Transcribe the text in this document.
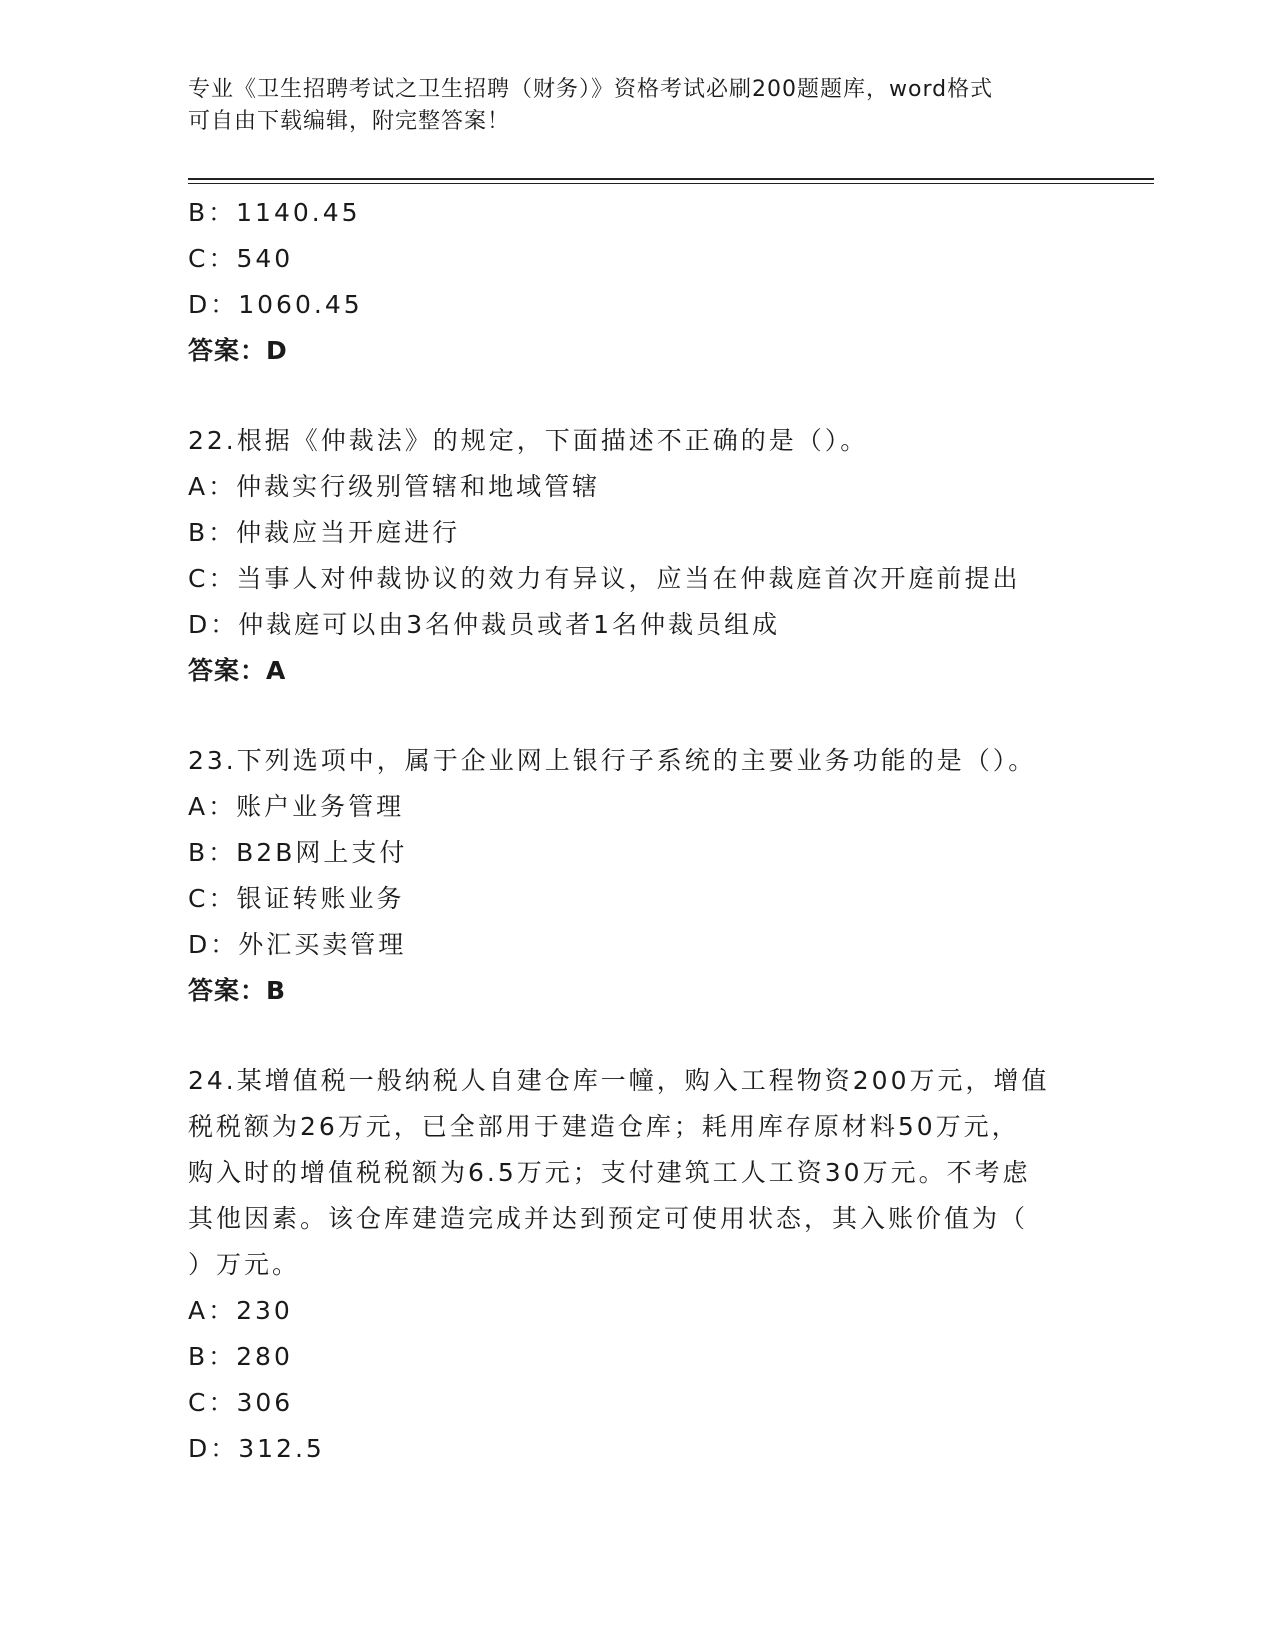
专业《卫生招聘考试之卫生招聘（财务）》资格考试必刷200题题库，word格式
可自由下载编辑，附完整答案！
B：1140.45
C：540
D：1060.45
答案：D
22.根据《仲裁法》的规定，下面描述不正确的是（）。
A：仲裁实行级别管辖和地域管辖
B：仲裁应当开庭进行
C：当事人对仲裁协议的效力有异议，应当在仲裁庭首次开庭前提出
D：仲裁庭可以由3名仲裁员或者1名仲裁员组成
答案：A
23.下列选项中，属于企业网上银行子系统的主要业务功能的是（）。
A：账户业务管理
B：B2B网上支付
C：银证转账业务
D：外汇买卖管理
答案：B
24.某增值税一般纳税人自建仓库一幢，购入工程物资200万元，增值
税税额为26万元，已全部用于建造仓库；耗用库存原材料50万元，
购入时的增值税税额为6.5万元；支付建筑工人工资30万元。不考虑
其他因素。该仓库建造完成并达到预定可使用状态，其入账价值为（
）万元。
A：230
B：280
C：306
D：312.5
